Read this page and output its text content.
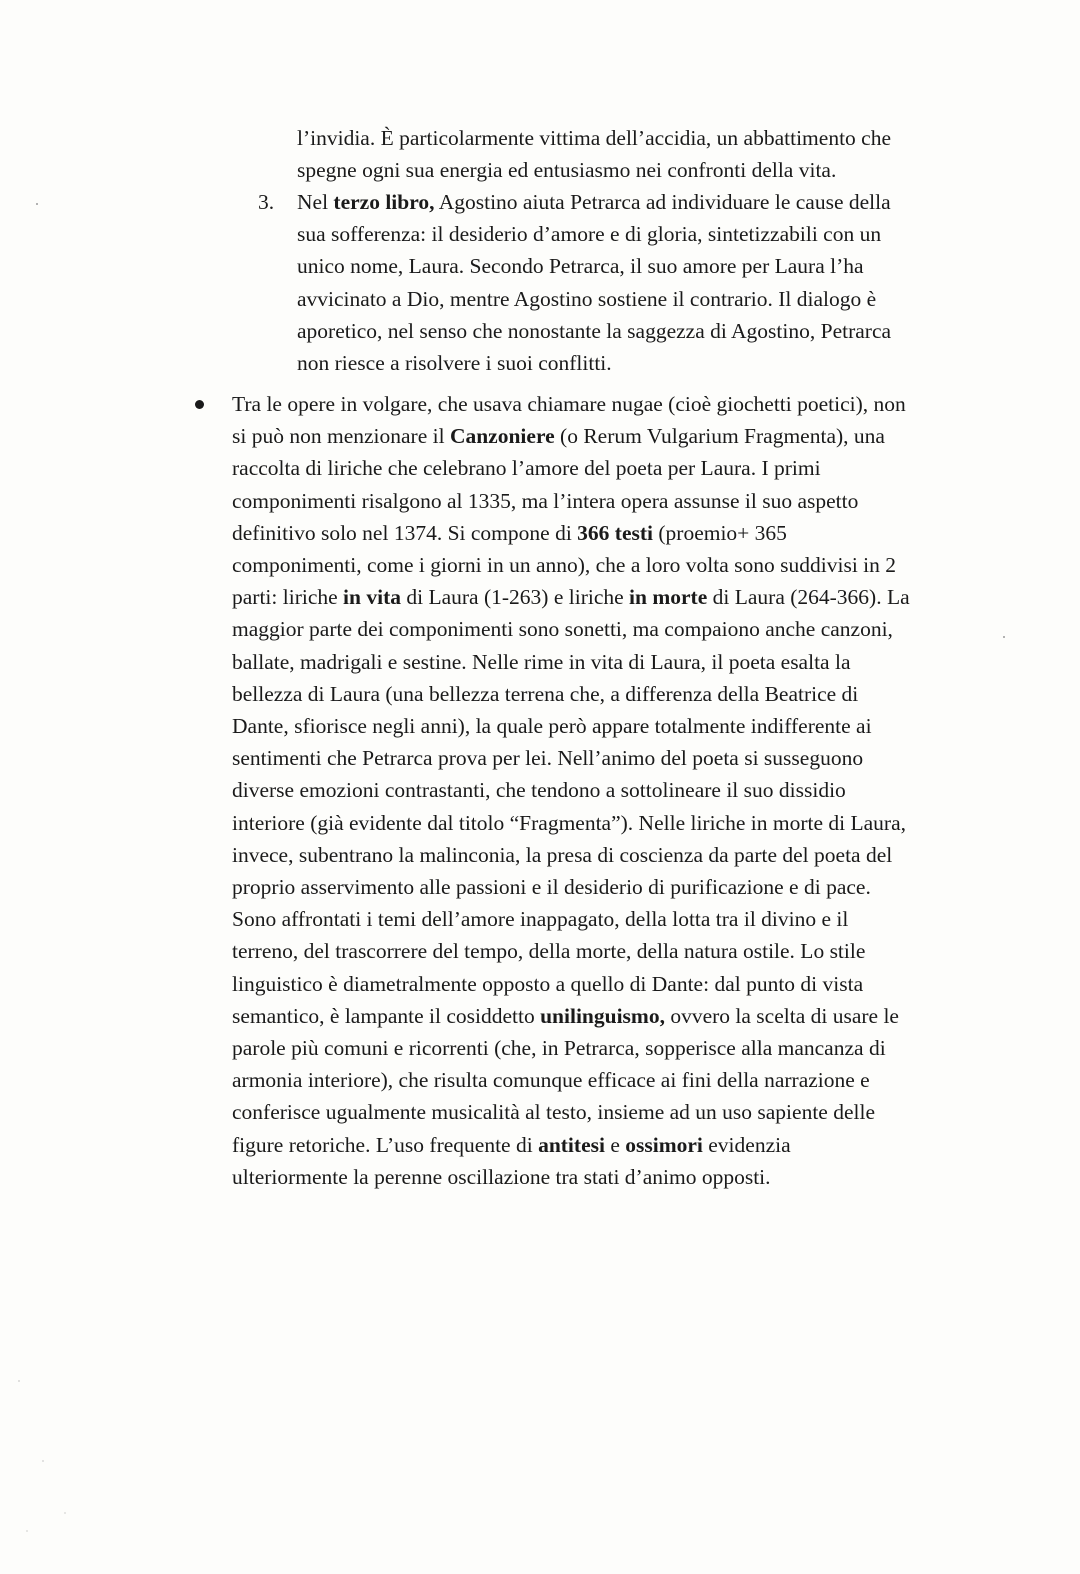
l’invidia. È particolarmente vittima dell’accidia, un abbattimento che
spegne ogni sua energia ed entusiasmo nei confronti della vita.
3. Nel terzo libro, Agostino aiuta Petrarca ad individuare le cause della
sua sofferenza: il desiderio d’amore e di gloria, sintetizzabili con un
unico nome, Laura. Secondo Petrarca, il suo amore per Laura l’ha
avvicinato a Dio, mentre Agostino sostiene il contrario. Il dialogo è
aporetico, nel senso che nonostante la saggezza di Agostino, Petrarca
non riesce a risolvere i suoi conflitti.
Tra le opere in volgare, che usava chiamare nugae (cioè giochetti poetici), non
si può non menzionare il Canzoniere (o Rerum Vulgarium Fragmenta), una
raccolta di liriche che celebrano l’amore del poeta per Laura. I primi
componimenti risalgono al 1335, ma l’intera opera assunse il suo aspetto
definitivo solo nel 1374. Si compone di 366 testi (proemio+ 365
componimenti, come i giorni in un anno), che a loro volta sono suddivisi in 2
parti: liriche in vita di Laura (1-263) e liriche in morte di Laura (264-366). La
maggior parte dei componimenti sono sonetti, ma compaiono anche canzoni,
ballate, madrigali e sestine. Nelle rime in vita di Laura, il poeta esalta la
bellezza di Laura (una bellezza terrena che, a differenza della Beatrice di
Dante, sfiorisce negli anni), la quale però appare totalmente indifferente ai
sentimenti che Petrarca prova per lei. Nell’animo del poeta si susseguono
diverse emozioni contrastanti, che tendono a sottolineare il suo dissidio
interiore (già evidente dal titolo “Fragmenta”). Nelle liriche in morte di Laura,
invece, subentrano la malinconia, la presa di coscienza da parte del poeta del
proprio asservimento alle passioni e il desiderio di purificazione e di pace.
Sono affrontati i temi dell’amore inappagato, della lotta tra il divino e il
terreno, del trascorrere del tempo, della morte, della natura ostile. Lo stile
linguistico è diametralmente opposto a quello di Dante: dal punto di vista
semantico, è lampante il cosiddetto unilinguismo, ovvero la scelta di usare le
parole più comuni e ricorrenti (che, in Petrarca, sopperisce alla mancanza di
armonia interiore), che risulta comunque efficace ai fini della narrazione e
conferisce ugualmente musicalità al testo, insieme ad un uso sapiente delle
figure retoriche. L’uso frequente di antitesi e ossimori evidenzia
ulteriormente la perenne oscillazione tra stati d’animo opposti.
